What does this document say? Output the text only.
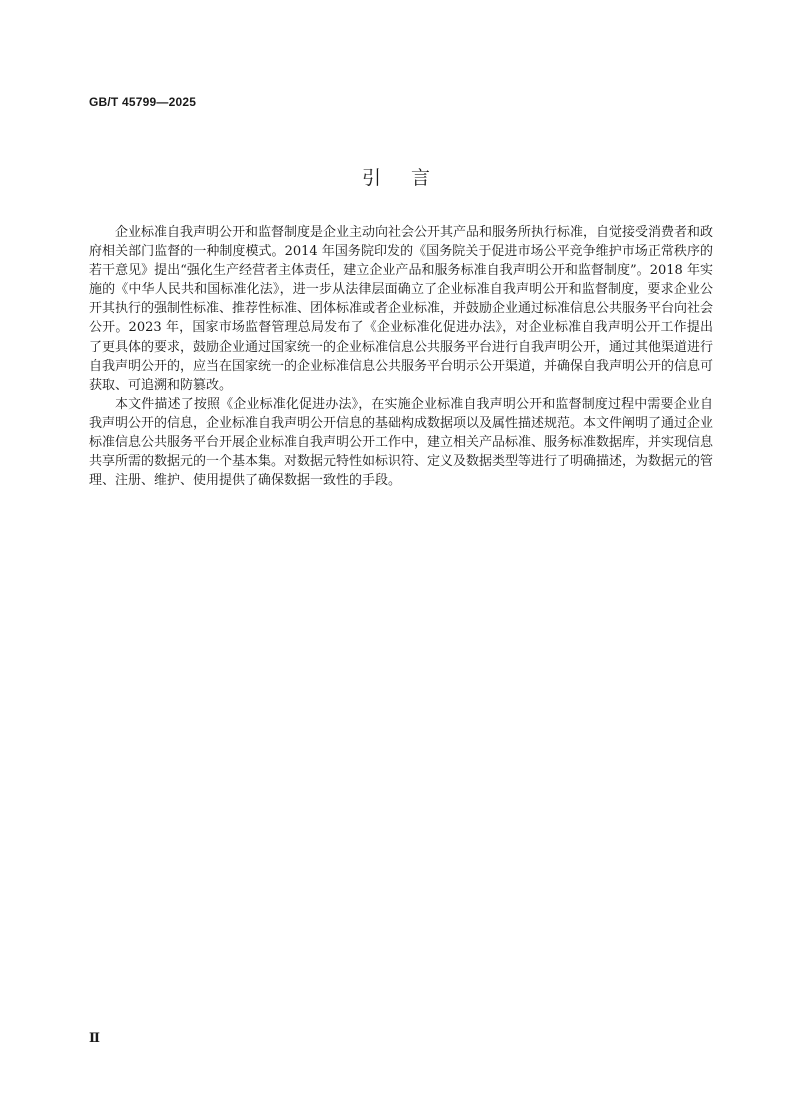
GB/T 45799—2025
引言

企业标准自我声明公开和监督制度是企业主动向社会公开其产品和服务所执行标准，自觉接受消费者和政府相关部门监督的一种制度模式。2014 年国务院印发的《国务院关于促进市场公平竞争维护市场正常秩序的若干意见》提出“强化生产经营者主体责任，建立企业产品和服务标准自我声明公开和监督制度”。2018 年实施的《中华人民共和国标准化法》，进一步从法律层面确立了企业标准自我声明公开和监督制度，要求企业公开其执行的强制性标准、推荐性标准、团体标准或者企业标准，并鼓励企业通过标准信息公共服务平台向社会公开。2023 年，国家市场监督管理总局发布了《企业标准化促进办法》，对企业标准自我声明公开工作提出了更具体的要求，鼓励企业通过国家统一的企业标准信息公共服务平台进行自我声明公开，通过其他渠道进行自我声明公开的，应当在国家统一的企业标准信息公共服务平台明示公开渠道，并确保自我声明公开的信息可获取、可追溯和防篡改。

本文件描述了按照《企业标准化促进办法》，在实施企业标准自我声明公开和监督制度过程中需要企业自我声明公开的信息，企业标准自我声明公开信息的基础构成数据项以及属性描述规范。本文件阐明了通过企业标准信息公共服务平台开展企业标准自我声明公开工作中，建立相关产品标准、服务标准数据库，并实现信息共享所需的数据元的一个基本集。对数据元特性如标识符、定义及数据类型等进行了明确描述，为数据元的管理、注册、维护、使用提供了确保数据一致性的手段。

Ⅱ
